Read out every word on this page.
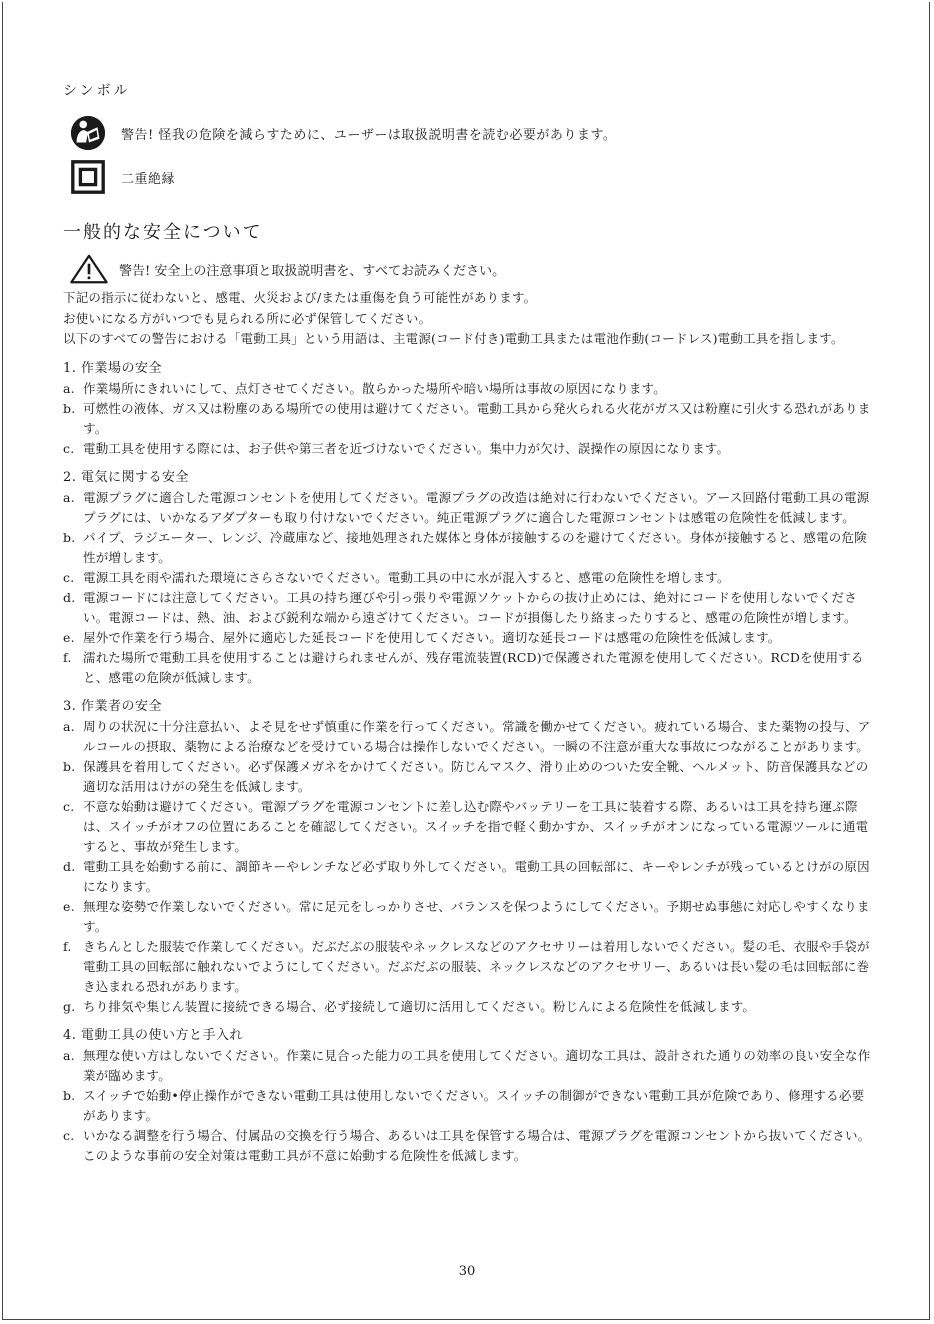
シンボル
警告! 怪我の危険を減らすために、ユーザーは取扱説明書を読む必要があります。
二重絶縁
一般的な安全について
警告! 安全上の注意事項と取扱説明書を、すべてお読みください。

下記の指示に従わないと、感電、火災および/または重傷を負う可能性があります。

お使いになる方がいつでも見られる所に必ず保管してください。

以下のすべての警告における「電動工具」という用語は、主電源(コード付き)電動工具または電池作動(コードレス)電動工具を指します。

1. 作業場の安全
a. 作業場所にきれいにして、点灯させてください。散らかった場所や暗い場所は事故の原因になります。
b. 可燃性の液体、ガス又は粉塵のある場所での使用は避けてください。電動工具から発火られる火花がガス又は粉塵に引火する恐れがあります。
c. 電動工具を使用する際には、お子供や第三者を近づけないでください。集中力が欠け、誤操作の原因になります。
2. 電気に関する安全
a. 電源プラグに適合した電源コンセントを使用してください。電源プラグの改造は絶対に行わないでください。アース回路付電動工具の電源プラグには、いかなるアダプターも取り付けないでください。純正電源プラグに適合した電源コンセントは感電の危険性を低減します。
b. パイプ、ラジエーター、レンジ、冷蔵庫など、接地処理された媒体と身体が接触するのを避けてください。身体が接触すると、感電の危険性が増します。
c. 電源工具を雨や濡れた環境にさらさないでください。電動工具の中に水が混入すると、感電の危険性を増します。
d. 電源コードには注意してください。工具の持ち運びや引っ張りや電源ソケットからの抜け止めには、絶対にコードを使用しないでください。電源コードは、熱、油、および鋭利な端から遠ざけてください。コードが損傷したり絡まったりすると、感電の危険性が増します。
e. 屋外で作業を行う場合、屋外に適応した延長コードを使用してください。適切な延長コードは感電の危険性を低減します。
f. 濡れた場所で電動工具を使用することは避けられませんが、残存電流装置(RCD)で保護された電源を使用してください。RCDを使用すると、感電の危険が低減します。
3. 作業者の安全
a. 周りの状況に十分注意払い、よそ見をせず慎重に作業を行ってください。常識を働かせてください。疲れている場合、また薬物の投与、アルコールの摂取、薬物による治療などを受けている場合は操作しないでください。一瞬の不注意が重大な事故につながることがあります。
b. 保護具を着用してください。必ず保護メガネをかけてください。防じんマスク、滑り止めのついた安全靴、ヘルメット、防音保護具などの適切な活用はけがの発生を低減します。
c. 不意な始動は避けてください。電源プラグを電源コンセントに差し込む際やバッテリーを工具に装着する際、あるいは工具を持ち運ぶ際は、スイッチがオフの位置にあることを確認してください。スイッチを指で軽く動かすか、スイッチがオンになっている電源ツールに通電すると、事故が発生します。
d. 電動工具を始動する前に、調節キーやレンチなど必ず取り外してください。電動工具の回転部に、キーやレンチが残っているとけがの原因になります。
e. 無理な姿勢で作業しないでください。常に足元をしっかりさせ、バランスを保つようにしてください。予期せぬ事態に対応しやすくなります。
f. きちんとした服装で作業してください。だぶだぶの服装やネックレスなどのアクセサリーは着用しないでください。髪の毛、衣服や手袋が電動工具の回転部に触れないでようにしてください。だぶだぶの服装、ネックレスなどのアクセサリー、あるいは長い髪の毛は回転部に巻き込まれる恐れがあります。
g. ちり排気や集じん装置に接続できる場合、必ず接続して適切に活用してください。粉じんによる危険性を低減します。
4. 電動工具の使い方と手入れ
a. 無理な使い方はしないでください。作業に見合った能力の工具を使用してください。適切な工具は、設計された通りの効率の良い安全な作業が臨めます。
b. スイッチで始動•停止操作ができない電動工具は使用しないでください。スイッチの制御ができない電動工具が危険であり、修理する必要があります。
c. いかなる調整を行う場合、付属品の交換を行う場合、あるいは工具を保管する場合は、電源プラグを電源コンセントから抜いてください。このような事前の安全対策は電動工具が不意に始動する危険性を低減します。
30
